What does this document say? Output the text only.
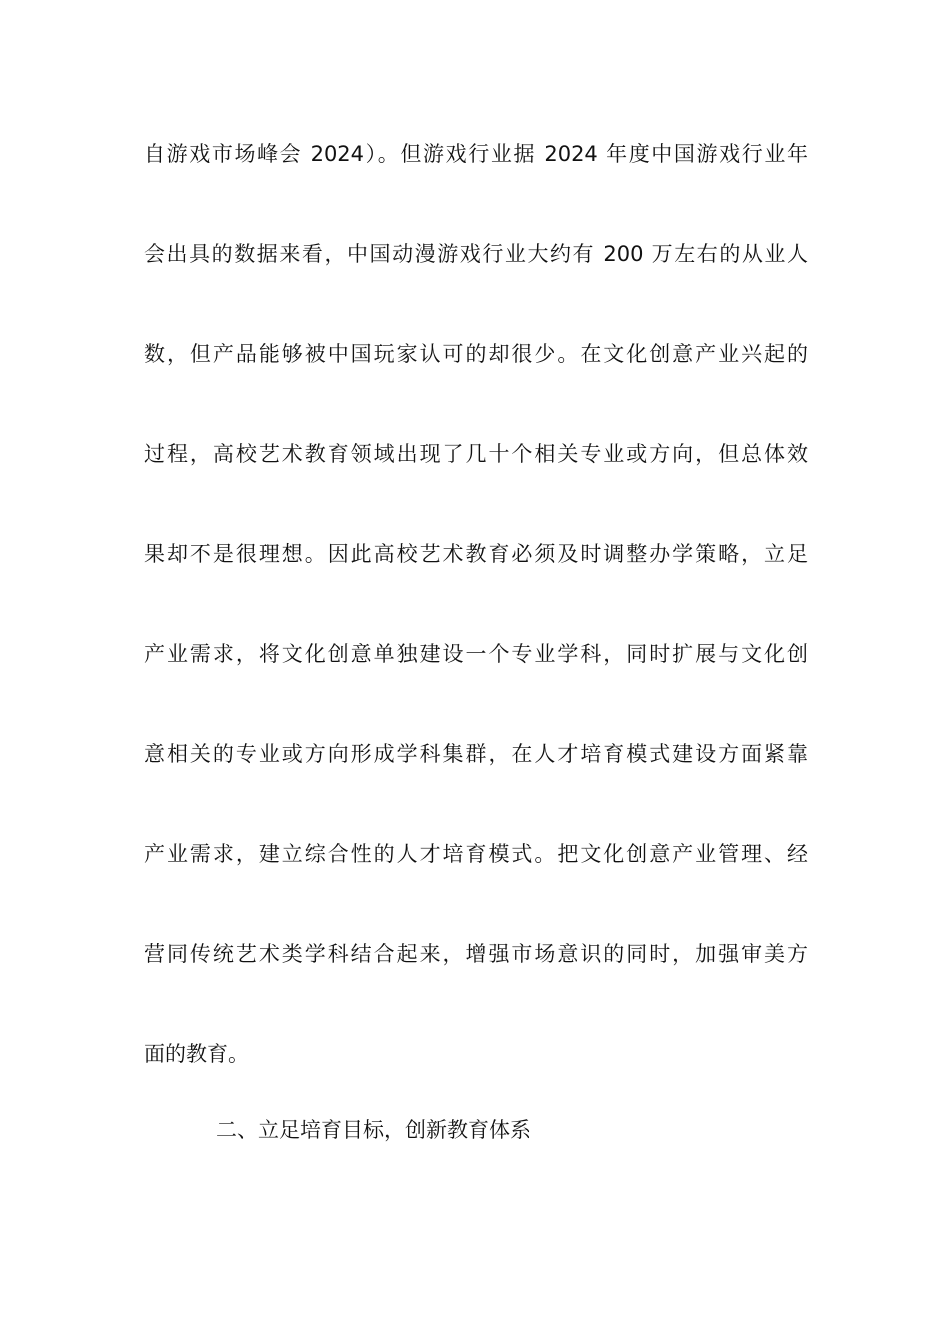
自游戏市场峰会 2024）。但游戏行业据 2024 年度中国游戏行业年
会出具的数据来看，中国动漫游戏行业大约有 200 万左右的从业人
数，但产品能够被中国玩家认可的却很少。在文化创意产业兴起的
过程，高校艺术教育领域出现了几十个相关专业或方向，但总体效
果却不是很理想。因此高校艺术教育必须及时调整办学策略，立足
产业需求，将文化创意单独建设一个专业学科，同时扩展与文化创
意相关的专业或方向形成学科集群，在人才培育模式建设方面紧靠
产业需求，建立综合性的人才培育模式。把文化创意产业管理、经
营同传统艺术类学科结合起来，增强市场意识的同时，加强审美方
面的教育。
二、立足培育目标，创新教育体系
